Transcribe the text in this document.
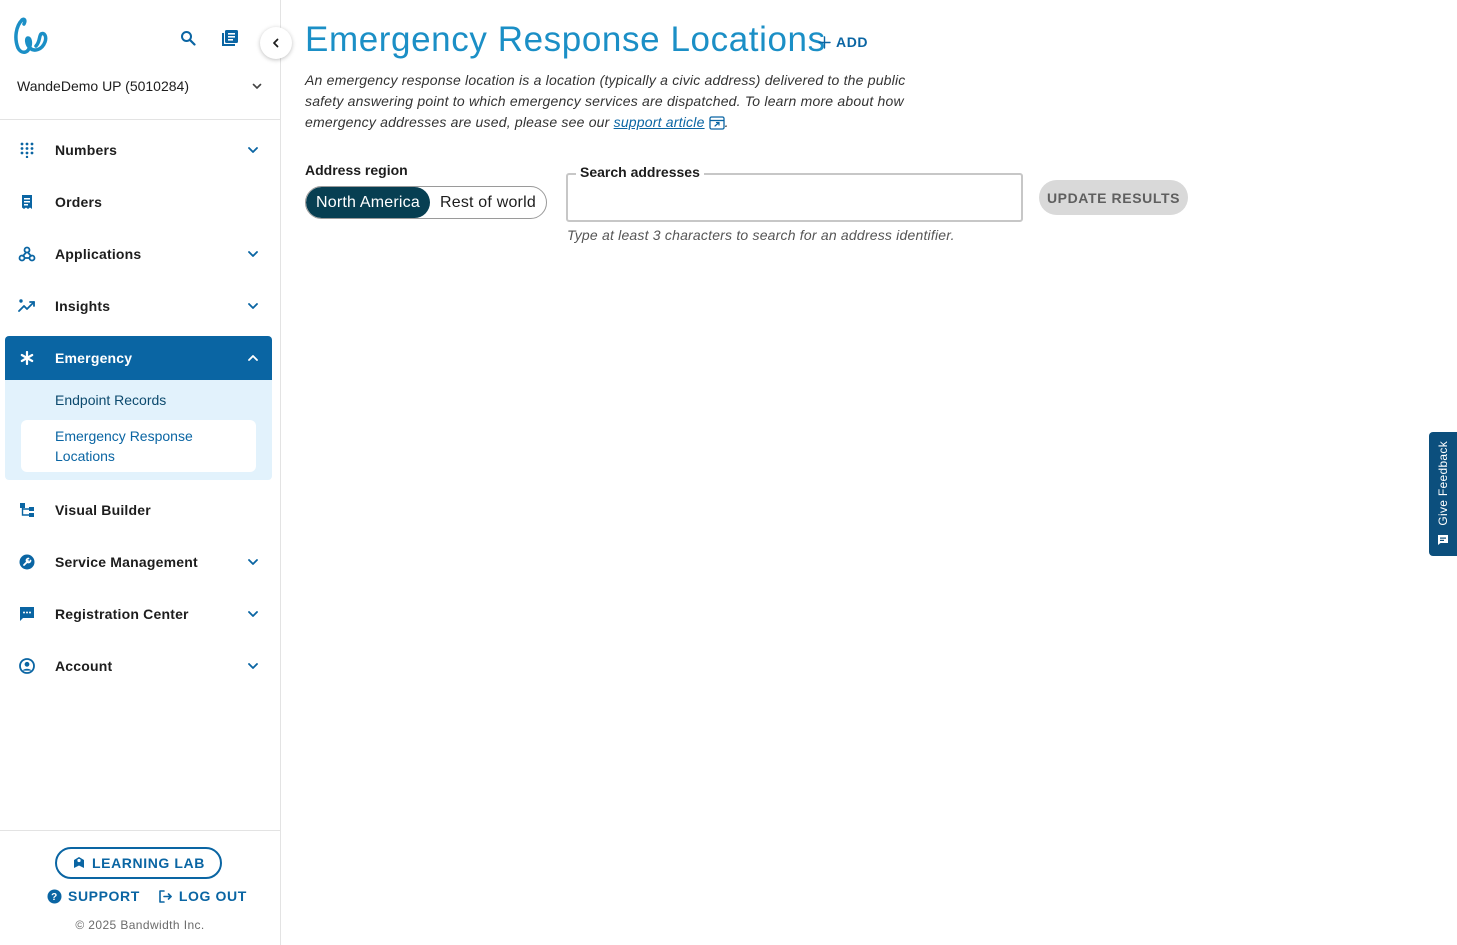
WandeDemo UP (5010284)
Numbers
Orders
Applications
Insights
Emergency
Endpoint Records
Emergency Response Locations
Visual Builder
Service Management
Registration Center
Account
LEARNING LAB
? SUPPORT	LOG OUT
© 2025 Bandwidth Inc.
Emergency Response Locations ADD

An emergency response location is a location (typically a civic address) delivered to the public safety answering point to which emergency services are dispatched. To learn more about how emergency addresses are used, please see our support article .

Address region
North America	Rest of world
Search addresses
Type at least 3 characters to search for an address identifier.
UPDATE RESULTS
Give Feedback
